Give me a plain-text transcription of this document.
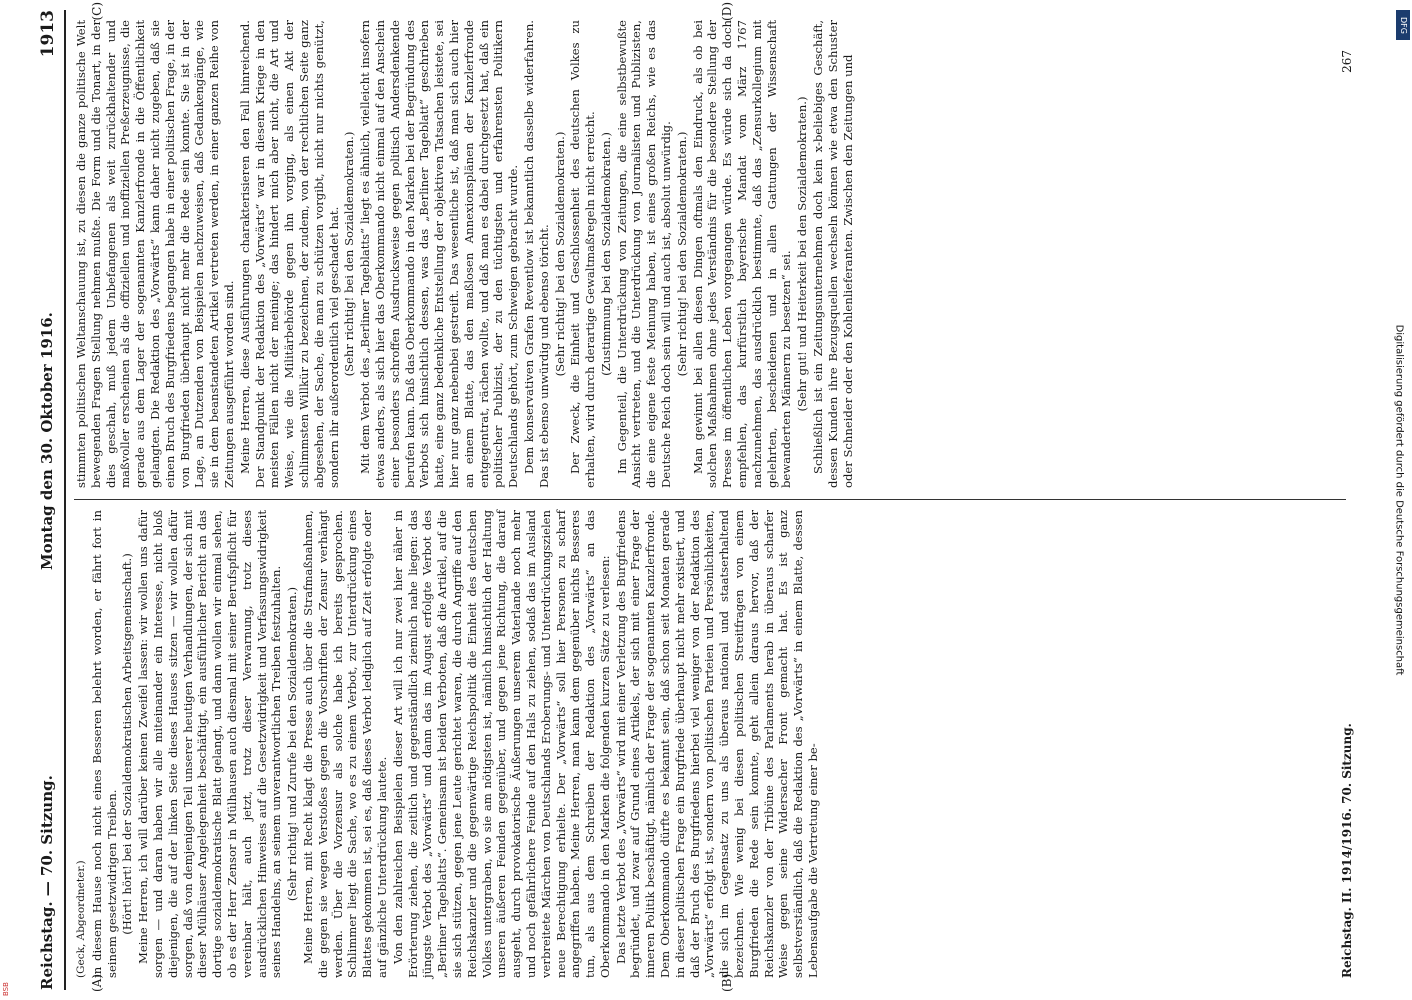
Reichstag. — 70. Sitzung.
Montag den 30. Oktober 1916.
1913

(Geck, Abgeordneter.) in diesem Hause noch nicht eines Besseren belehrt worden, er fährt fort in seinem gesetzwidrigen Treiben. (Hört! hört! bei der Sozialdemokratischen Arbeitsgemeinschaft.) Meine Herren, ich will darüber keinen Zweifel lassen: wir wollen uns dafür sorgen — und daran haben wir alle miteinander ein Interesse, nicht bloß diejenigen, die auf der linken Seite dieses Hauses sitzen — wir wollen dafür sorgen, daß von demjenigen Teil unserer heutigen Verhandlungen, der sich mit dieser Mülhäuser Angelegenheit beschäftigt, ein ausführlicher Bericht an das dortige sozialdemokratische Blatt gelangt, und dann wollen wir einmal sehen, ob es der Herr Zensor in Mülhausen auch diesmal mit seiner Berufspflicht für vereinbar hält, auch jetzt, trotz dieser Verwarnung, trotz dieses ausdrücklichen Hinweises auf die Gesetzwidrigkeit und Verfassungswidrigkeit seines Handelns, an seinem unverantwortlichen Treiben festzuhalten. (Sehr richtig! und Zurufe bei den Sozialdemokraten.) Meine Herren, mit Recht klagt die Presse auch über die Strafmaßnahmen, die gegen sie wegen Verstoßes gegen die Vorschriften der Zensur verhängt werden. Über die Vorzensur als solche habe ich bereits gesprochen. Schlimmer liegt die Sache, wo es zu einem Verbot, zur Unterdrückung eines Blattes gekommen ist, sei es, daß dieses Verbot lediglich auf Zeit erfolgte oder auf gänzliche Unterdrückung lautete. Von den zahlreichen Beispielen dieser Art will ich nur zwei hier näher in Erörterung ziehen, die zeitlich und gegenständlich ziemlich nahe liegen: das jüngste Verbot des „Vorwärts“ und dann das im August erfolgte Verbot des „Berliner Tageblatts“. Gemeinsam ist beiden Verboten, daß die Artikel, auf die sie sich stützen, gegen jene Leute gerichtet waren, die durch Angriffe auf den Reichskanzler und die gegenwärtige Reichspolitik die Einheit des deutschen Volkes untergraben, wo sie am nötigsten ist, nämlich hinsichtlich der Haltung unseren äußeren Feinden gegenüber, und gegen jene Richtung, die darauf ausgeht, durch provokatorische Äußerungen unserem Vaterlande noch mehr und noch gefährlichere Feinde auf den Hals zu ziehen, sodaß das im Ausland verbreitete Märchen von Deutschlands Eroberungs- und Unterdrückungszielen neue Berechtigung erhielte. Der „Vorwärts“ soll hier Personen zu scharf angegriffen haben. Meine Herren, man kann dem gegenüber nichts Besseres tun, als aus dem Schreiben der Redaktion des „Vorwärts“ an das Oberkommando in den Marken die folgenden kurzen Sätze zu verlesen: Das letzte Verbot des „Vorwärts“ wird mit einer Verletzung des Burgfriedens begründet, und zwar auf Grund eines Artikels, der sich mit einer Frage der inneren Politik beschäftigt, nämlich der Frage der sogenannten Kanzlerfronde. Dem Oberkommando dürfte es bekannt sein, daß schon seit Monaten gerade in dieser politischen Frage ein Burgfriede überhaupt nicht mehr existiert, und daß der Bruch des Burgfriedens hierbei viel weniger von der Redaktion des „Vorwärts“ erfolgt ist, sondern von politischen Parteien und Persönlichkeiten, die sich im Gegensatz zu uns als überaus national und staatserhaltend bezeichnen. Wie wenig bei diesen politischen Streitfragen von einem Burgfrieden die Rede sein konnte, geht allein daraus hervor, daß der Reichskanzler von der Tribüne des Parlaments herab in überaus scharfer Weise gegen seine Widersacher Front gemacht hat. Es ist ganz selbstverständlich, daß die Redaktion des „Vorwärts“ in einem Blatte, dessen Lebensaufgabe die Vertretung einer be-

stimmten politischen Weltanschauung ist, zu diesen die ganze politische Welt bewegenden Fragen Stellung nehmen mußte. Die Form und die Tonart, in der dies geschah, muß jedem Unbefangenen als weit zurückhaltender und maßvoller erscheinen als die offiziellen und inoffiziellen Preßerzeugnisse, die gerade aus dem Lager der sogenannten Kanzlerfronde in die Öffentlichkeit gelangten. Die Redaktion des „Vorwärts“ kann daher nicht zugeben, daß sie einen Bruch des Burgfriedens begangen habe in einer politischen Frage, in der von Burgfrieden überhaupt nicht mehr die Rede sein konnte. Sie ist in der Lage, an Dutzenden von Beispielen nachzuweisen, daß Gedankengänge, wie sie in dem beanstandeten Artikel vertreten werden, in einer ganzen Reihe von Zeitungen ausgeführt worden sind. Meine Herren, diese Ausführungen charakterisieren den Fall hinreichend. Der Standpunkt der Redaktion des „Vorwärts“ war in diesem Kriege in den meisten Fällen nicht der meinige; das hindert mich aber nicht, die Art und Weise, wie die Militärbehörde gegen ihn vorging, als einen Akt der schlimmsten Willkür zu bezeichnen, der zudem, von der rechtlichen Seite ganz abgesehen, der Sache, die man zu schützen vorgibt, nicht nur nichts genützt, sondern ihr außerordentlich viel geschadet hat. (Sehr richtig! bei den Sozialdemokraten.) Mit dem Verbot des „Berliner Tageblatts“ liegt es ähnlich, vielleicht insofern etwas anders, als sich hier das Oberkommando nicht einmal auf den Anschein einer besonders schroffen Ausdrucksweise gegen politisch Andersdenkende berufen kann. Daß das Oberkommando in den Marken bei der Begründung des Verbots sich hinsichtlich dessen, was das „Berliner Tageblatt“ geschrieben hatte, eine ganz bedenkliche Entstellung der objektiven Tatsachen leistete, sei hier nur ganz nebenbei gestreift. Das wesentliche ist, daß man sich auch hier an einem Blatte, das den maßlosen Annexionsplänen der Kanzlerfronde entgegentrat, rächen wollte, und daß man es dabei durchgesetzt hat, daß ein politischer Publizist, der zu den tüchtigsten und erfahrensten Politikern Deutschlands gehört, zum Schweigen gebracht wurde. Dem konservativen Grafen Reventlow ist bekanntlich dasselbe widerfahren. Das ist ebenso unwürdig und ebenso töricht. (Sehr richtig! bei den Sozialdemokraten.) Der Zweck, die Einheit und Geschlossenheit des deutschen Volkes zu erhalten, wird durch derartige Gewaltmaßregeln nicht erreicht. (Zustimmung bei den Sozialdemokraten.) Im Gegenteil, die Unterdrückung von Zeitungen, die eine selbstbewußte Ansicht vertreten, und die Unterdrückung von Journalisten und Publizisten, die eine eigene feste Meinung haben, ist eines großen Reichs, wie es das Deutsche Reich doch sein will und auch ist, absolut unwürdig. (Sehr richtig! bei den Sozialdemokraten.) Man gewinnt bei allen diesen Dingen oftmals den Eindruck, als ob bei solchen Maßnahmen ohne jedes Verständnis für die besondere Stellung der Presse im öffentlichen Leben vorgegangen würde. Es würde sich da doch empfehlen, das kurfürstlich bayerische Mandat vom März 1767 nachzunehmen, das ausdrücklich bestimmte, daß das „Zensurkollegium mit gelehrten, bescheidenen und in allen Gattungen der Wissenschaft bewanderten Männern zu besetzen“ sei. (Sehr gut! und Heiterkeit bei den Sozialdemokraten.) Schließlich ist ein Zeitungsunternehmen doch kein x-beliebiges Geschäft, dessen Kunden ihre Bezugsquellen wechseln können wie etwa den Schuster oder Schneider oder den Kohlenlieferanten. Zwischen den Zeitungen und

(A)	(B)
(C)	(D)
Reichstag. II. 1914/1916. 70. Sitzung.
267
Digitalisierung gefördert durch die Deutsche Forschungsgemeinschaft
DFG
BSB
